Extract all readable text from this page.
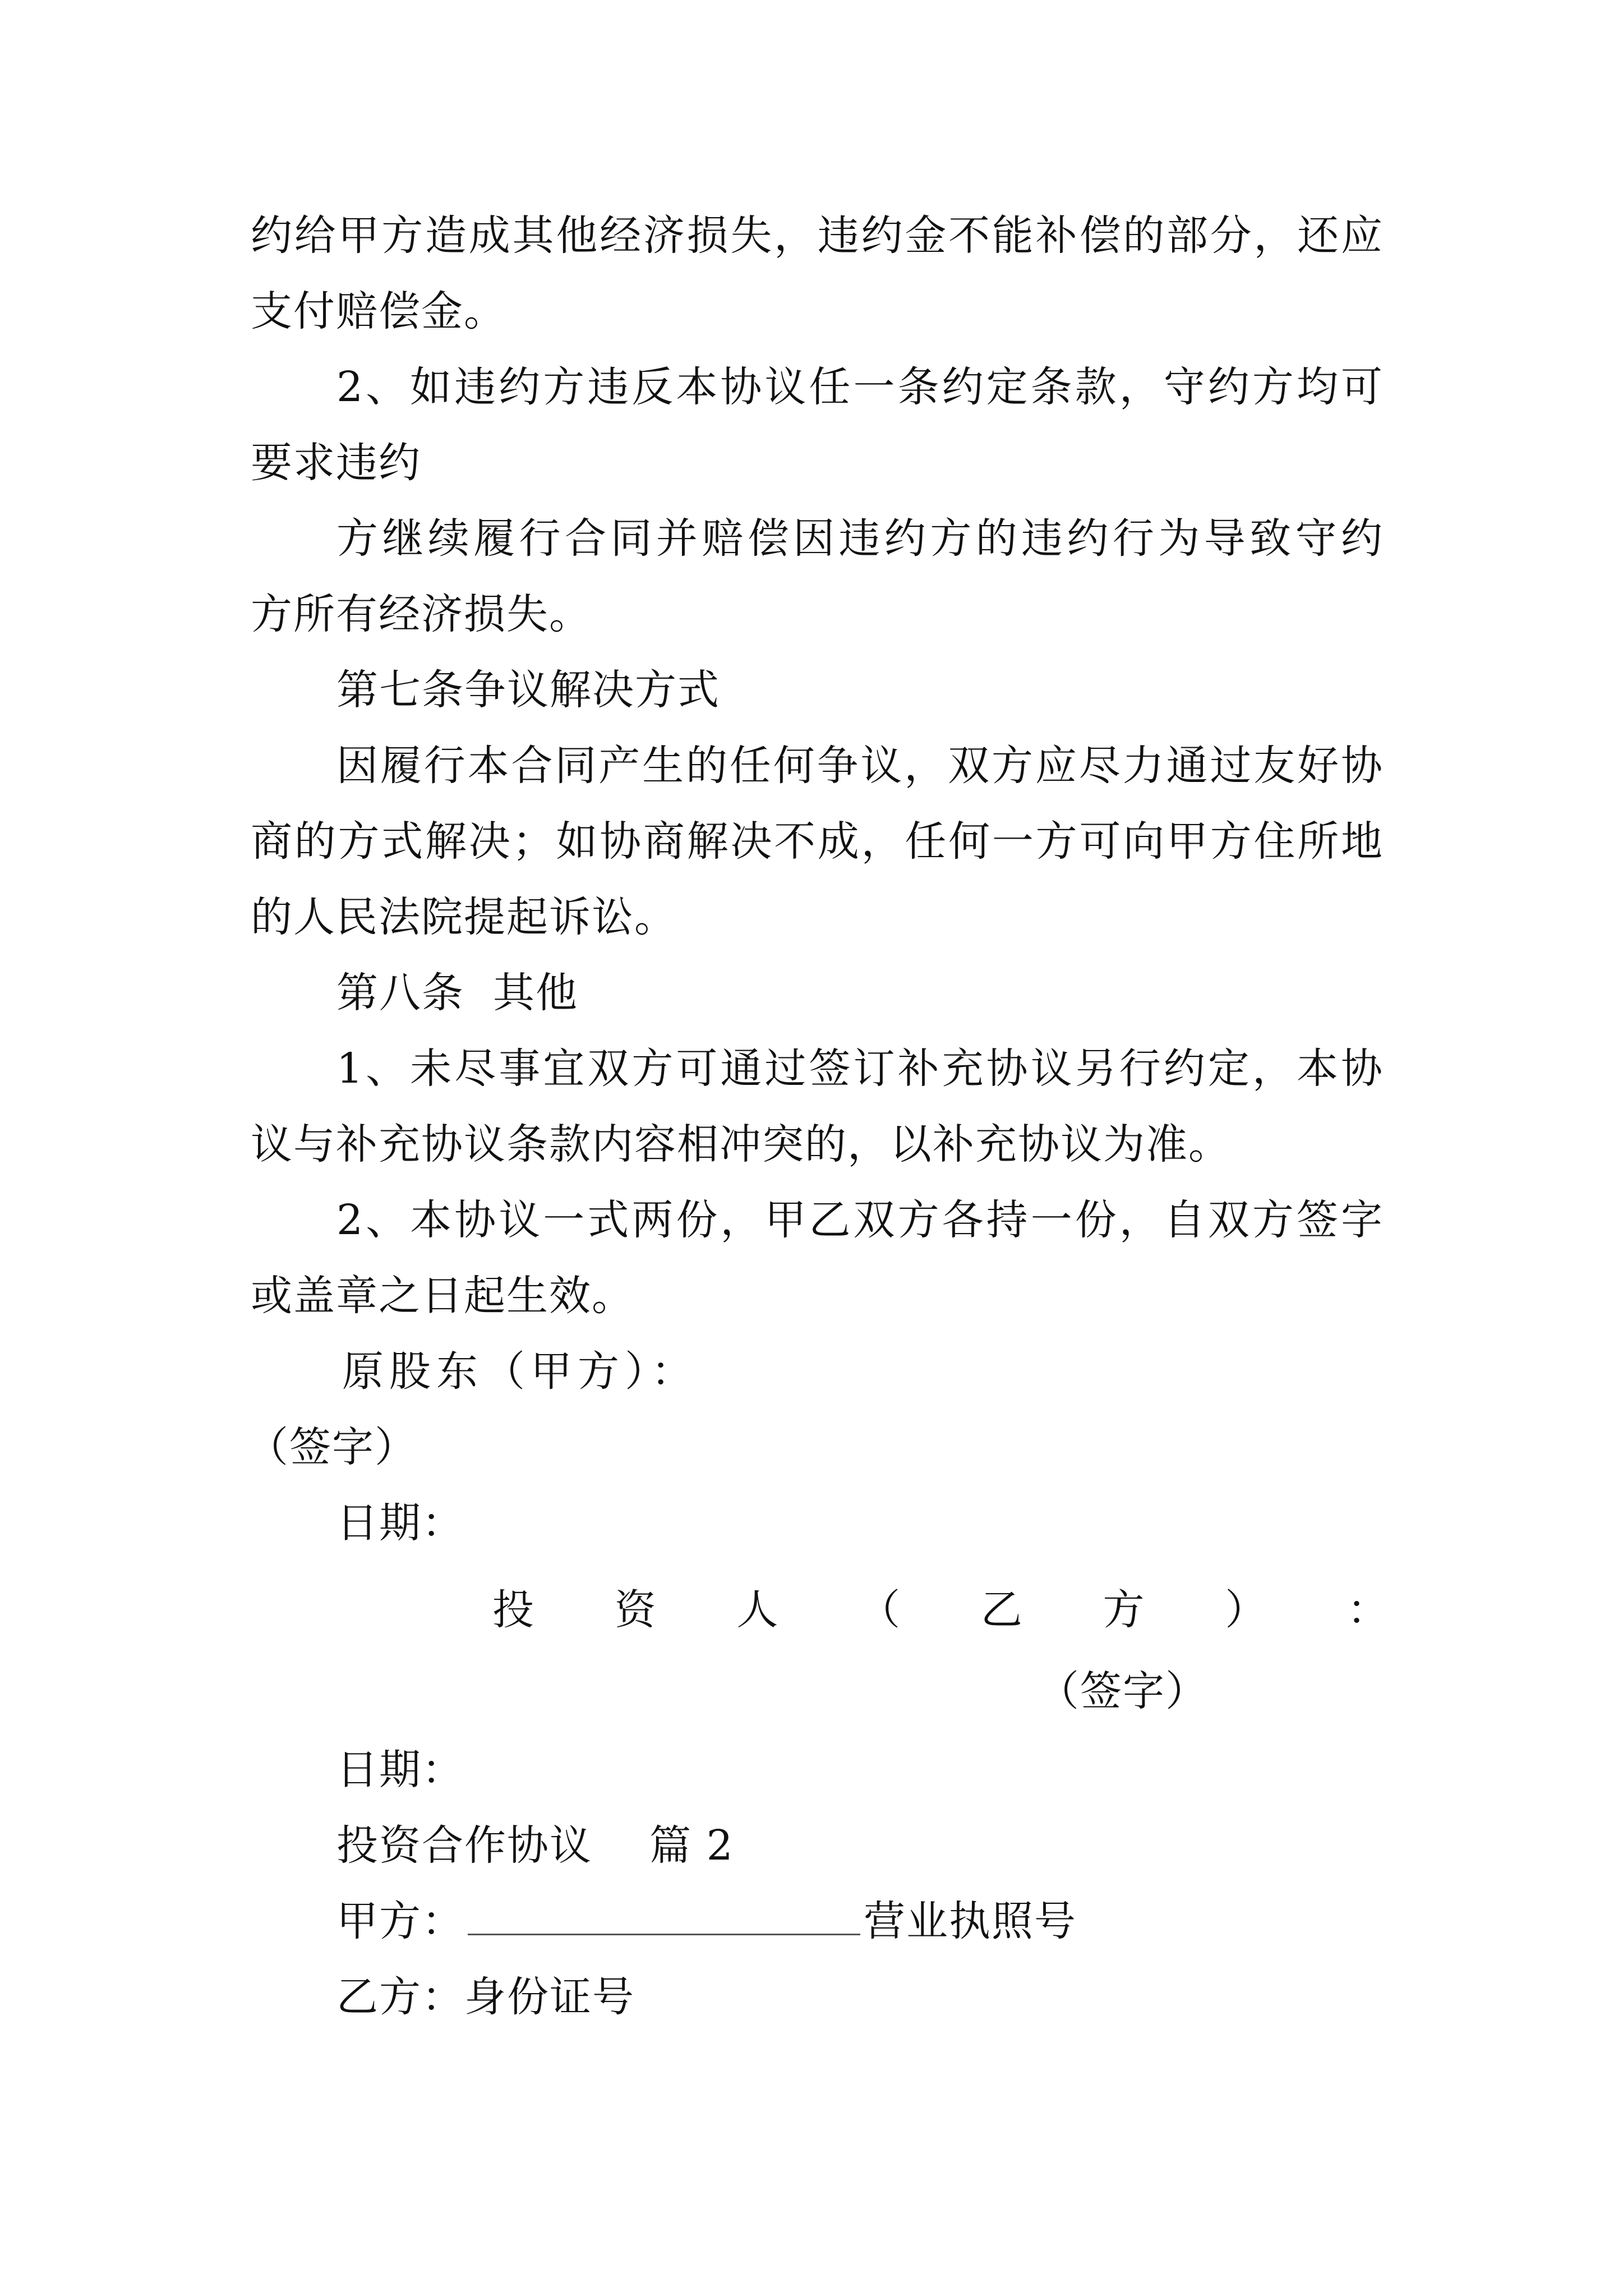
约给甲方造成其他经济损失，违约金不能补偿的部分，还应
支付赔偿金。
2、如违约方违反本协议任一条约定条款，守约方均可
要求违约
方继续履行合同并赔偿因违约方的违约行为导致守约
方所有经济损失。
第七条争议解决方式
因履行本合同产生的任何争议，双方应尽力通过友好协
商的方式解决；如协商解决不成，任何一方可向甲方住所地
的人民法院提起诉讼。
第八条  其他
1、未尽事宜双方可通过签订补充协议另行约定，本协
议与补充协议条款内容相冲突的，以补充协议为准。
2、本协议一式两份，甲乙双方各持一份，自双方签字
或盖章之日起生效。
原股东（甲方）：
（签字）
日期：
投 资 人 （ 乙 方 ） ：
（签字）
日期：
投资合作协议    篇 2
甲方：	营业执照号
乙方：身份证号
